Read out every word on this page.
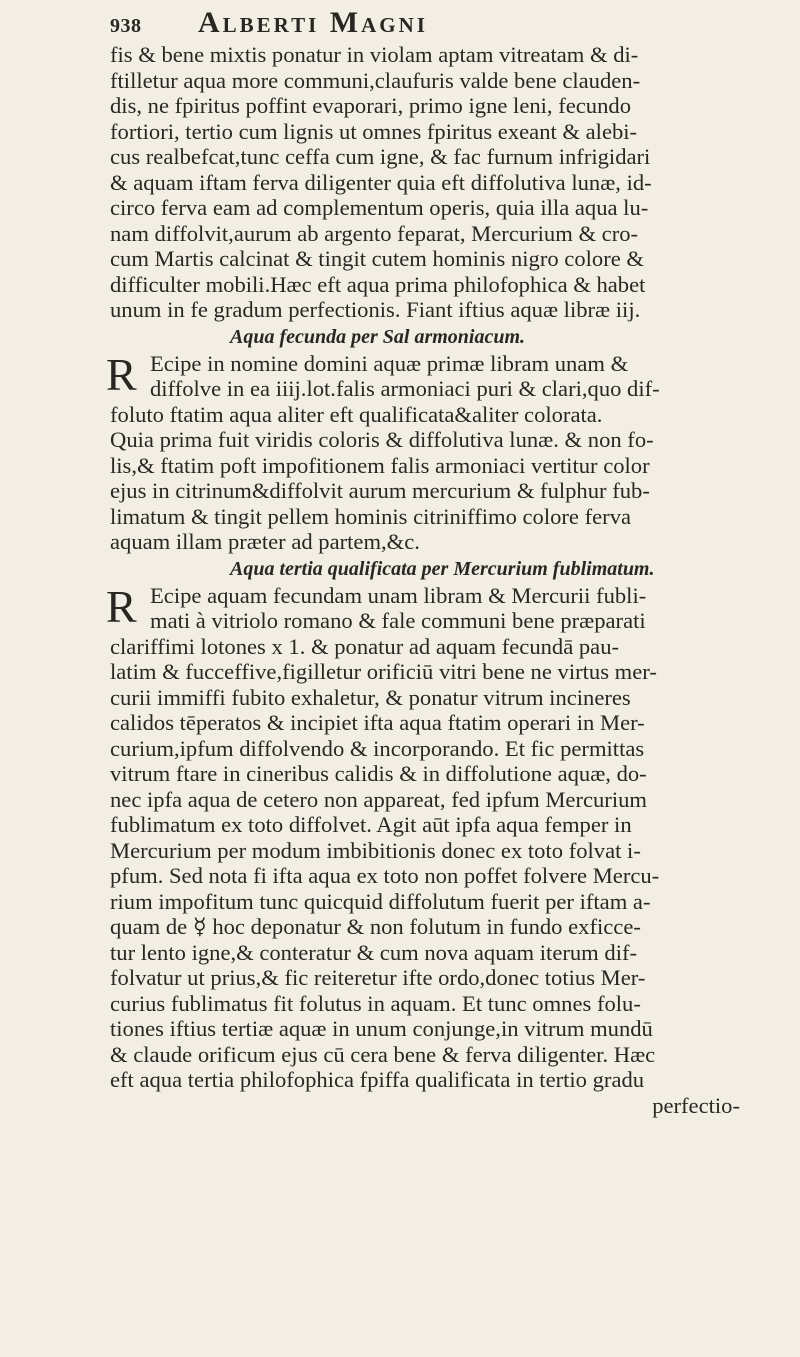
938	Alberti Magni
fis & bene mixtis ponatur in violam aptam vitreatam & di-
ftilletur aqua more communi,claufuris valde bene clauden-
dis, ne fpiritus poffint evaporari, primo igne leni, fecundo
fortiori, tertio cum lignis ut omnes fpiritus exeant & alebi-
cus realbefcat,tunc ceffa cum igne, & fac furnum infrigidari
& aquam iftam ferva diligenter quia eft diffolutiva lunæ, id-
circo ferva eam ad complementum operis, quia illa aqua lu-
nam diffolvit,aurum ab argento feparat, Mercurium & cro-
cum Martis calcinat & tingit cutem hominis nigro colore &
difficulter mobili.Hæc eft aqua prima philofophica & habet
unum in fe gradum perfectionis. Fiant iftius aquæ libræ iij.
Aqua fecunda per Sal armoniacum.
R Ecipe in nomine domini aquæ primæ libram unam &
diffolve in ea iiij.lot.falis armoniaci puri & clari,quo dif-
foluto ftatim aqua aliter eft qualificata&aliter colorata.
Quia prima fuit viridis coloris & diffolutiva lunæ. & non fo-
lis,& ftatim poft impofitionem falis armoniaci vertitur color
ejus in citrinum&diffolvit aurum mercurium & fulphur fub-
limatum & tingit pellem hominis citriniffimo colore ferva
aquam illam præter ad partem,&c.
Aqua tertia qualificata per Mercurium fublimatum.
R Ecipe aquam fecundam unam libram & Mercurii fubli-
mati à vitriolo romano & fale communi bene præparati
clariffimi lotones x 1. & ponatur ad aquam fecundā pau-
latim & fucceffive,figilletur orificiū vitri bene ne virtus mer-
curii immiffi fubito exhaletur, & ponatur vitrum incineres
calidos tēperatos & incipiet ifta aqua ftatim operari in Mer-
curium,ipfum diffolvendo & incorporando. Et fic permittas
vitrum ftare in cineribus calidis & in diffolutione aquæ, do-
nec ipfa aqua de cetero non appareat, fed ipfum Mercurium
fublimatum ex toto diffolvet. Agit aūt ipfa aqua femper in
Mercurium per modum imbibitionis donec ex toto folvat i-
pfum. Sed nota fi ifta aqua ex toto non poffet folvere Mercu-
rium impofitum tunc quicquid diffolutum fuerit per iftam a-
quam de ☿ hoc deponatur & non folutum in fundo exficce-
tur lento igne,& conteratur & cum nova aquam iterum dif-
folvatur ut prius,& fic reiteretur ifte ordo,donec totius Mer-
curius fublimatus fit folutus in aquam. Et tunc omnes folu-
tiones iftius tertiæ aquæ in unum conjunge,in vitrum mundū
& claude orificum ejus cū cera bene & ferva diligenter. Hæc
eft aqua tertia philofophica fpiffa qualificata in tertio gradu
perfectio-
